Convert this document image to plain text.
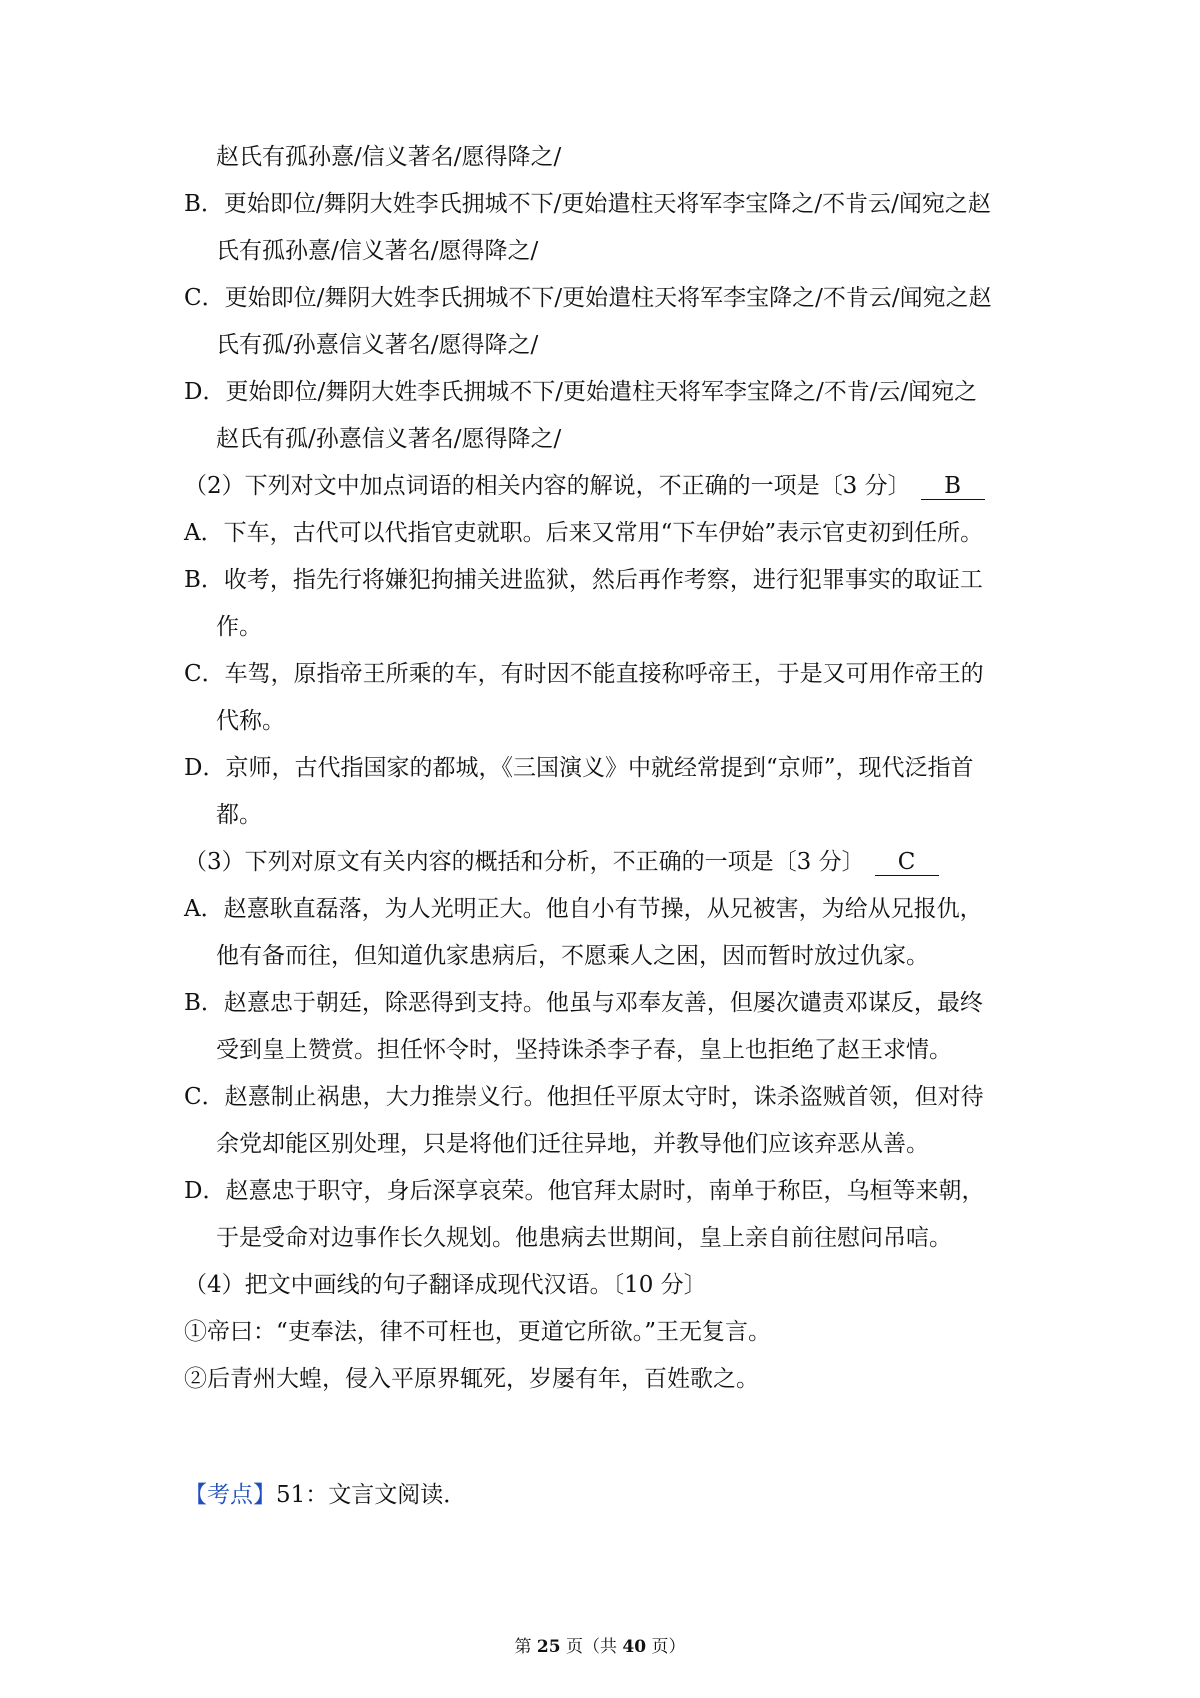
赵氏有孤孙憙/信义著名/愿得降之/
B．更始即位/舞阴大姓李氏拥城不下/更始遣柱天将军李宝降之/不肯云/闻宛之赵
氏有孤孙憙/信义著名/愿得降之/
C．更始即位/舞阴大姓李氏拥城不下/更始遣柱天将军李宝降之/不肯云/闻宛之赵
氏有孤/孙憙信义著名/愿得降之/
D．更始即位/舞阴大姓李氏拥城不下/更始遣柱天将军李宝降之/不肯/云/闻宛之
赵氏有孤/孙憙信义著名/愿得降之/
（2）下列对文中加点词语的相关内容的解说，不正确的一项是〔3 分〕 B
A．下车，古代可以代指官吏就职。后来又常用“下车伊始”表示官吏初到任所。
B．收考，指先行将嫌犯拘捕关进监狱，然后再作考察，进行犯罪事实的取证工
作。
C．车驾，原指帝王所乘的车，有时因不能直接称呼帝王，于是又可用作帝王的
代称。
D．京师，古代指国家的都城，《三国演义》中就经常提到“京师”，现代泛指首
都。
（3）下列对原文有关内容的概括和分析，不正确的一项是〔3 分〕 C
A．赵憙耿直磊落，为人光明正大。他自小有节操，从兄被害，为给从兄报仇，
他有备而往，但知道仇家患病后，不愿乘人之困，因而暂时放过仇家。
B．赵憙忠于朝廷，除恶得到支持。他虽与邓奉友善，但屡次谴责邓谋反，最终
受到皇上赞赏。担任怀令时，坚持诛杀李子春，皇上也拒绝了赵王求情。
C．赵憙制止祸患，大力推崇义行。他担任平原太守时，诛杀盗贼首领，但对待
余党却能区别处理，只是将他们迁往异地，并教导他们应该弃恶从善。
D．赵憙忠于职守，身后深享哀荣。他官拜太尉时，南单于称臣，乌桓等来朝，
于是受命对边事作长久规划。他患病去世期间，皇上亲自前往慰问吊唁。
（4）把文中画线的句子翻译成现代汉语。〔10 分〕
①帝曰：“吏奉法，律不可枉也，更道它所欲。”王无复言。
②后青州大蝗，侵入平原界辄死，岁屡有年，百姓歌之。
【考点】51：文言文阅读．
第 25 页（共 40 页）
